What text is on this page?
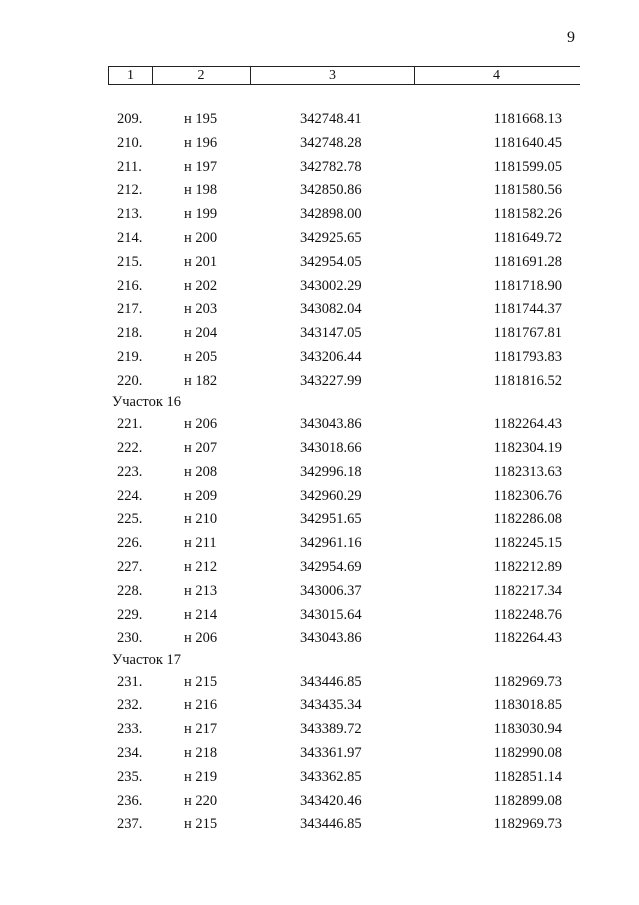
9
1	2	3	4
209.	н 195	342748.41	1181668.13
210.	н 196	342748.28	1181640.45
211.	н 197	342782.78	1181599.05
212.	н 198	342850.86	1181580.56
213.	н 199	342898.00	1181582.26
214.	н 200	342925.65	1181649.72
215.	н 201	342954.05	1181691.28
216.	н 202	343002.29	1181718.90
217.	н 203	343082.04	1181744.37
218.	н 204	343147.05	1181767.81
219.	н 205	343206.44	1181793.83
220.	н 182	343227.99	1181816.52
Участок 16
221.	н 206	343043.86	1182264.43
222.	н 207	343018.66	1182304.19
223.	н 208	342996.18	1182313.63
224.	н 209	342960.29	1182306.76
225.	н 210	342951.65	1182286.08
226.	н 211	342961.16	1182245.15
227.	н 212	342954.69	1182212.89
228.	н 213	343006.37	1182217.34
229.	н 214	343015.64	1182248.76
230.	н 206	343043.86	1182264.43
Участок 17
231.	н 215	343446.85	1182969.73
232.	н 216	343435.34	1183018.85
233.	н 217	343389.72	1183030.94
234.	н 218	343361.97	1182990.08
235.	н 219	343362.85	1182851.14
236.	н 220	343420.46	1182899.08
237.	н 215	343446.85	1182969.73
